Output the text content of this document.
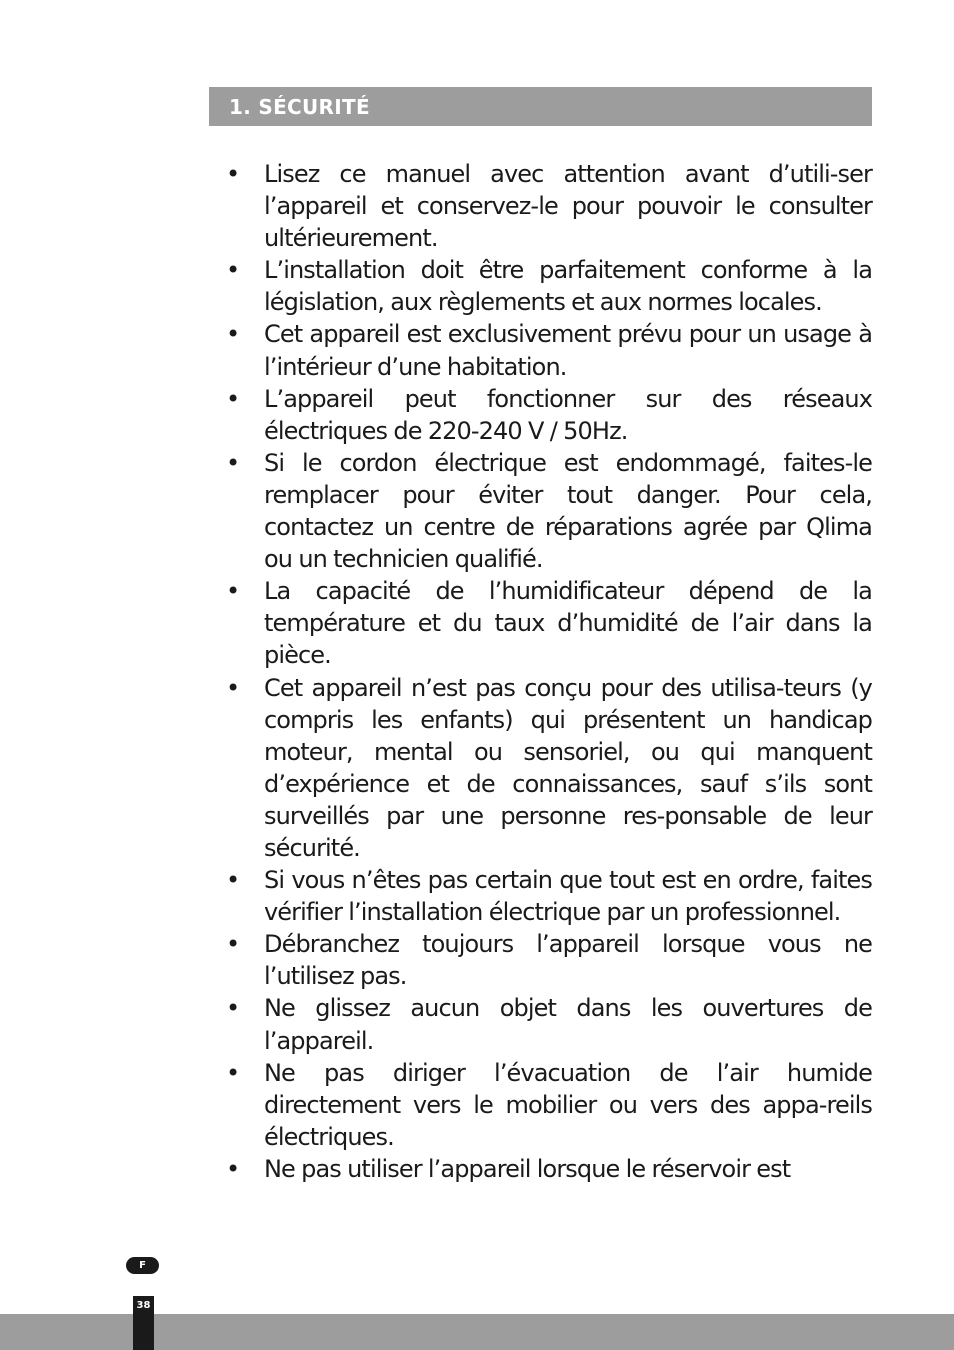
1. SÉCURITÉ
• Lisez ce manuel avec attention avant d’utili-ser l’appareil et conservez-le pour pouvoir le consulter ultérieurement.
• L’installation doit être parfaitement conforme à la législation, aux règlements et aux normes locales.
• Cet appareil est exclusivement prévu pour un usage à l’intérieur d’une habitation.
• L’appareil peut fonctionner sur des réseaux électriques de 220-240 V / 50Hz.
• Si le cordon électrique est endommagé, faites-le remplacer pour éviter tout danger. Pour cela, contactez un centre de réparations agrée par Qlima ou un technicien qualifié.
• La capacité de l’humidificateur dépend de la température et du taux d’humidité de l’air dans la pièce.
• Cet appareil n’est pas conçu pour des utilisa-teurs (y compris les enfants) qui présentent un handicap moteur, mental ou sensoriel, ou qui manquent d’expérience et de connaissances, sauf s’ils sont surveillés par une personne res-ponsable de leur sécurité.
• Si vous n’êtes pas certain que tout est en ordre, faites vérifier l’installation électrique par un professionnel.
• Débranchez toujours l’appareil lorsque vous ne l’utilisez pas.
• Ne glissez aucun objet dans les ouvertures de l’appareil.
• Ne pas diriger l’évacuation de l’air humide directement vers le mobilier ou vers des appa-reils électriques.
• Ne pas utiliser l’appareil lorsque le réservoir est
F
38
